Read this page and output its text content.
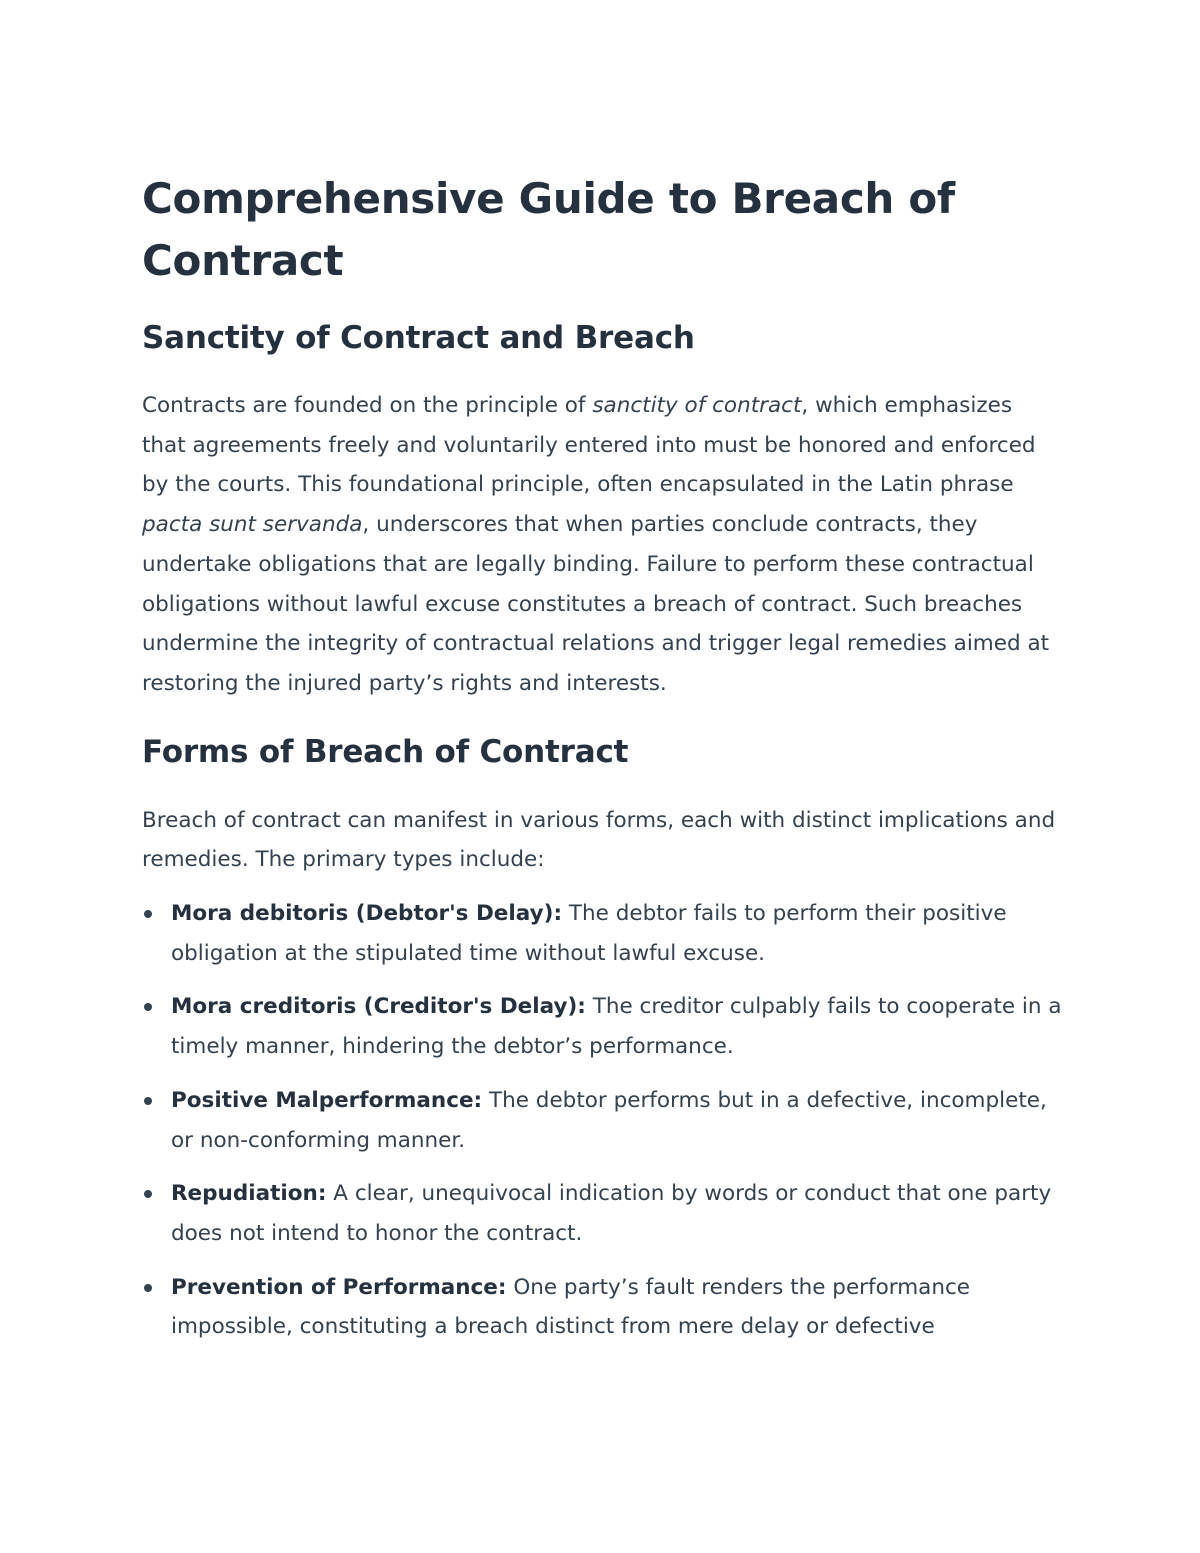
Comprehensive Guide to Breach of Contract
Sanctity of Contract and Breach

Contracts are founded on the principle of sanctity of contract, which emphasizes that agreements freely and voluntarily entered into must be honored and enforced by the courts. This foundational principle, often encapsulated in the Latin phrase pacta sunt servanda, underscores that when parties conclude contracts, they undertake obligations that are legally binding. Failure to perform these contractual obligations without lawful excuse constitutes a breach of contract. Such breaches undermine the integrity of contractual relations and trigger legal remedies aimed at restoring the injured party’s rights and interests.

Forms of Breach of Contract

Breach of contract can manifest in various forms, each with distinct implications and remedies. The primary types include:

Mora debitoris (Debtor's Delay): The debtor fails to perform their positive obligation at the stipulated time without lawful excuse.
Mora creditoris (Creditor's Delay): The creditor culpably fails to cooperate in a timely manner, hindering the debtor’s performance.
Positive Malperformance: The debtor performs but in a defective, incomplete, or non-conforming manner.
Repudiation: A clear, unequivocal indication by words or conduct that one party does not intend to honor the contract.
Prevention of Performance: One party’s fault renders the performance impossible, constituting a breach distinct from mere delay or defective
